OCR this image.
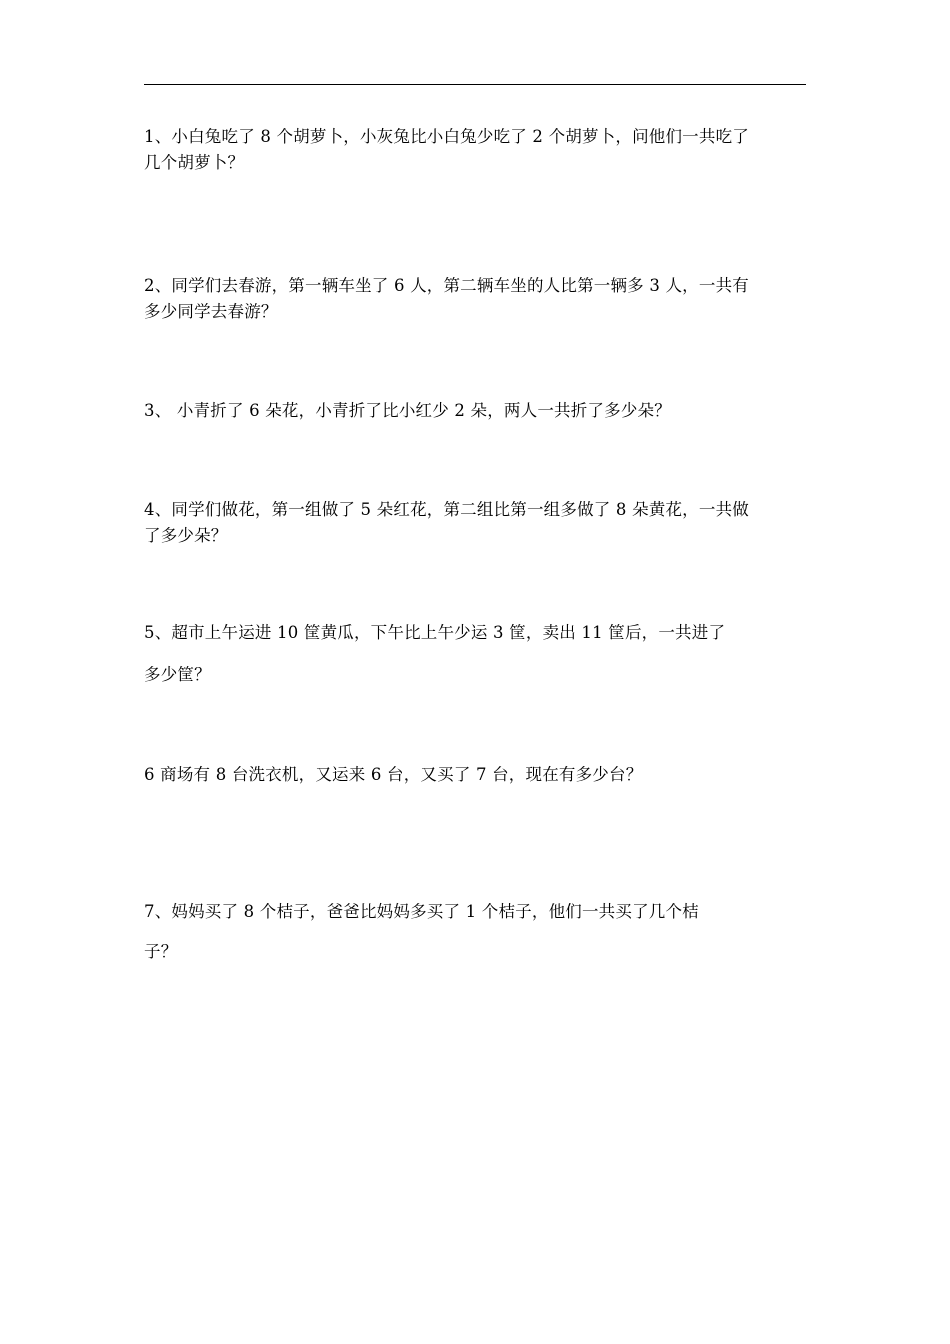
1、小白兔吃了 8 个胡萝卜，小灰兔比小白兔少吃了 2 个胡萝卜，问他们一共吃了
几个胡萝卜？
2、同学们去春游，第一辆车坐了 6 人，第二辆车坐的人比第一辆多 3 人，一共有
多少同学去春游？
3、 小青折了 6 朵花，小青折了比小红少 2 朵，两人一共折了多少朵？
4、同学们做花，第一组做了 5 朵红花，第二组比第一组多做了 8 朵黄花，一共做
了多少朵？
5、超市上午运进 10 筐黄瓜，下午比上午少运 3 筐，卖出 11 筐后，一共进了
多少筐？
6 商场有 8 台洗衣机，又运来 6 台，又买了 7 台，现在有多少台？
7、妈妈买了 8 个桔子，爸爸比妈妈多买了 1 个桔子，他们一共买了几个桔
子？
